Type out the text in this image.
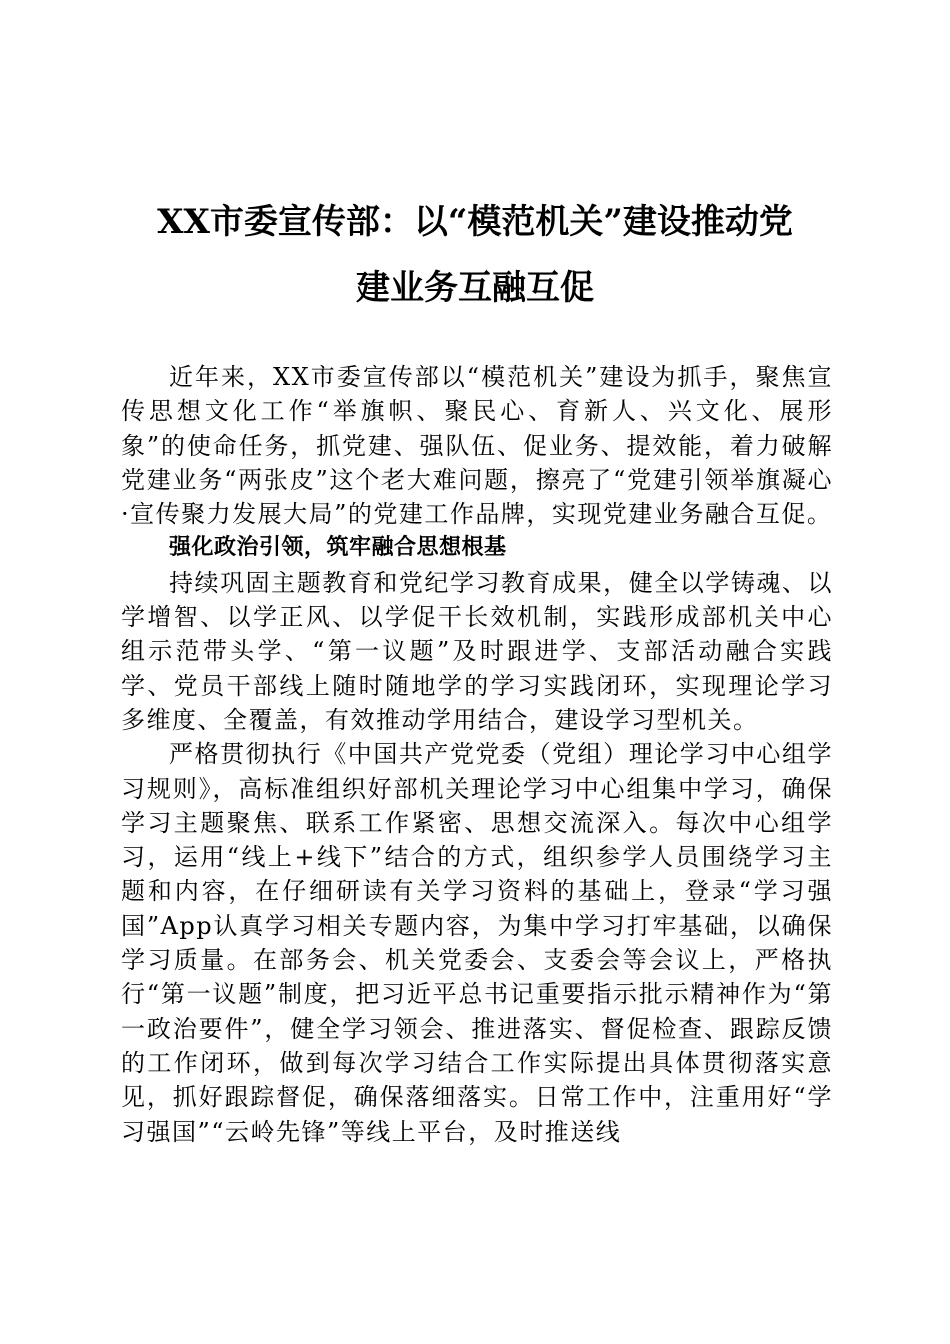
XX市委宣传部：以“模范机关”建设推动党
建业务互融互促

近年来，XX市委宣传部以“模范机关”建设为抓手，聚焦宣传思想文化工作“举旗帜、聚民心、育新人、兴文化、展形象”的使命任务，抓党建、强队伍、促业务、提效能，着力破解党建业务“两张皮”这个老大难问题，擦亮了“党建引领举旗凝心·宣传聚力发展大局”的党建工作品牌，实现党建业务融合互促。

强化政治引领，筑牢融合思想根基

持续巩固主题教育和党纪学习教育成果，健全以学铸魂、以学增智、以学正风、以学促干长效机制，实践形成部机关中心组示范带头学、“第一议题”及时跟进学、支部活动融合实践学、党员干部线上随时随地学的学习实践闭环，实现理论学习多维度、全覆盖，有效推动学用结合，建设学习型机关。

严格贯彻执行《中国共产党党委（党组）理论学习中心组学习规则》，高标准组织好部机关理论学习中心组集中学习，确保学习主题聚焦、联系工作紧密、思想交流深入。每次中心组学习，运用“线上+线下”结合的方式，组织参学人员围绕学习主题和内容，在仔细研读有关学习资料的基础上，登录“学习强国”App认真学习相关专题内容，为集中学习打牢基础，以确保学习质量。在部务会、机关党委会、支委会等会议上，严格执行“第一议题”制度，把习近平总书记重要指示批示精神作为“第一政治要件”，健全学习领会、推进落实、督促检查、跟踪反馈的工作闭环，做到每次学习结合工作实际提出具体贯彻落实意见，抓好跟踪督促，确保落细落实。日常工作中，注重用好“学习强国”“云岭先锋”等线上平台，及时推送线
